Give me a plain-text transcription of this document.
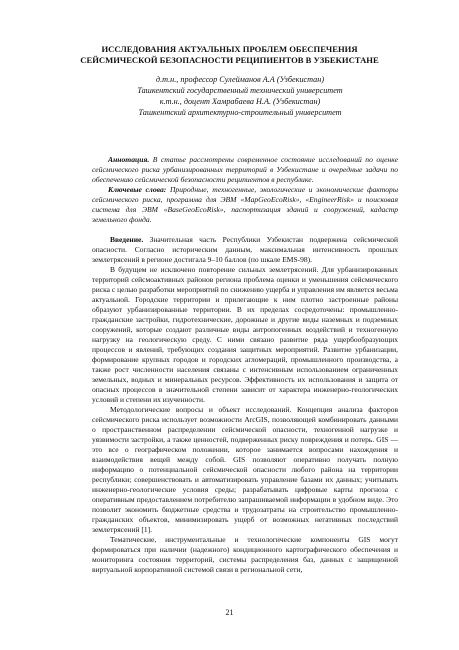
ИССЛЕДОВАНИЯ АКТУАЛЬНЫХ ПРОБЛЕМ ОБЕСПЕЧЕНИЯ
СЕЙСМИЧЕСКОЙ БЕЗОПАСНОСТИ РЕЦИПИЕНТОВ В УЗБЕКИСТАНЕ
д.т.н., профессор Сулейманов А.А (Узбекистан)
Ташкентский государственный технический университет
к.т.н., доцент Хамрабаева Н.А. (Узбекистан)
Ташкентский архитектурно-строительный университет

Аннотация. В статье рассмотрены современное состояние исследований по оценке сейсмического риска урбанизированных территорий в Узбекистане и очередные задачи по обеспечению сейсмической безопасности реципиентов в республике.

Ключевые слова: Природные, техногенные, экологические и экономические факторы сейсмического риска, программа для ЭВМ «MapGeoEcoRisk», «EngineerRisk» и поисковая система для ЭВМ «BaseGeoEcoRisk», паспортизация зданий и сооружений, кадастр земельного фонда.

Введение. Значительная часть Республики Узбекистан подвержена сейсмической опасности. Согласно историческим данным, максимальная интенсивность прошлых землетрясений в регионе достигала 9–10 баллов (по шкале EMS-98).

В будущем не исключено повторение сильных землетрясений. Для урбанизированных территорий сейсмоактивных районов региона проблема оценки и уменьшения сейсмического риска с целью разработки мероприятий по снижению ущерба и управления им является весьма актуальной. Городские территории и прилегающие к ним плотно застроенные районы образуют урбанизированные территории. В их пределах сосредоточены: промышленно-гражданские застройки, гидротехнические, дорожные и другие виды наземных и подземных сооружений, которые создают различные виды антропогенных воздействий и техногенную нагрузку на геологическую среду. С ними связано развитие ряда ущербообразующих процессов и явлений, требующих создания защитных мероприятий. Развитие урбанизации, формирование крупных городов и городских агломераций, промышленного производства, а также рост численности населения связаны с интенсивным использованием ограниченных земельных, водных и минеральных ресурсов. Эффективность их использования и защита от опасных процессов в значительной степени зависит от характера инженерно-геологических условий и степени их изученности.

Методологические вопросы и объект исследований. Концепция анализа факторов сейсмического риска использует возможности ArcGIS, позволяющей комбинировать данными о пространственном распределении сейсмической опасности, техногенной нагрузке и уязвимости застройки, а также ценностей, подверженных риску повреждения и потерь. GIS — это все о географическом положении, которое занимается вопросами нахождения и взаимодействия вещей между собой. GIS позволяют оперативно получать полную информацию о потенциальной сейсмической опасности любого района на территории республики; совершенствовать и автоматизировать управление базами их данных; учитывать инженерно-геологические условия среды; разрабатывать цифровые карты прогноза с оперативным предоставлением потребителю запрашиваемой информации в удобном виде. Это позволит экономить бюджетные средства и трудозатраты на строительство промышленно-гражданских объектов, минимизировать ущерб от возможных негативных последствий землетрясений [1].

Тематические, инструментальные и технологические компоненты GIS могут формироваться при наличии (надежного) кондиционного картографического обеспечения и мониторинга состояния территорий, системы распределения баз, данных с защищенной виртуальной корпоративной системой связи в региональной сети,

21
